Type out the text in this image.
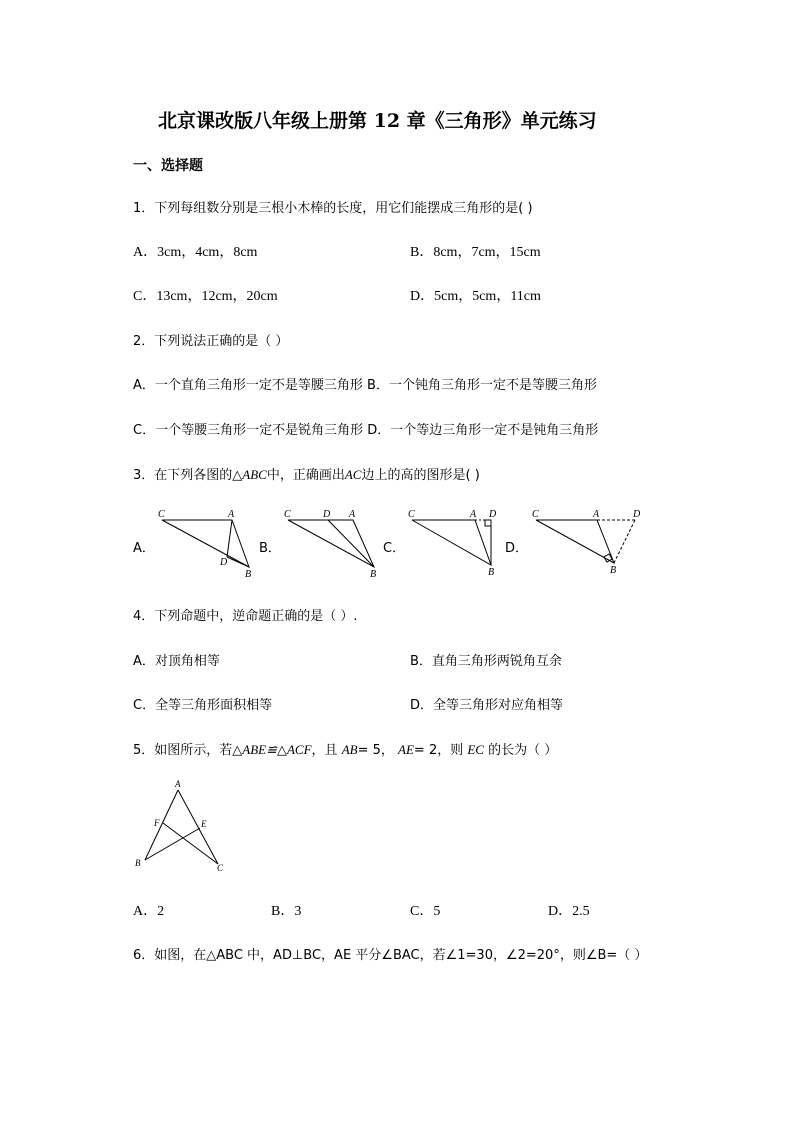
北京课改版八年级上册第 12 章《三角形》单元练习
一、选择题
1．下列每组数分别是三根小木棒的长度，用它们能摆成三角形的是( )
A．3cm，4cm，8cm	B．8cm，7cm，15cm
C．13cm，12cm，20cm	D．5cm，5cm，11cm
2．下列说法正确的是（ ）
A．一个直角三角形一定不是等腰三角形 B．一个钝角三角形一定不是等腰三角形
C．一个等腰三角形一定不是锐角三角形 D．一个等边三角形一定不是钝角三角形
3．在下列各图的△ABC中，正确画出AC边上的高的图形是( )
A．	B．	C．	D．
C	A
D
B
C	D A
B
C	A D
B
C	A	D
B
4．下列命题中，逆命题正确的是（ ）.
A．对顶角相等	B．直角三角形两锐角互余
C．全等三角形面积相等	D．全等三角形对应角相等
5．如图所示，若△ABE≌△ACF，且 AB= 5， AE= 2，则 EC 的长为（ ）
A
F	E
B	C
A．2	B．3	C．5	D．2.5
6．如图，在△ABC 中，AD⊥BC，AE 平分∠BAC，若∠1=30，∠2=20°，则∠B=（ ）
